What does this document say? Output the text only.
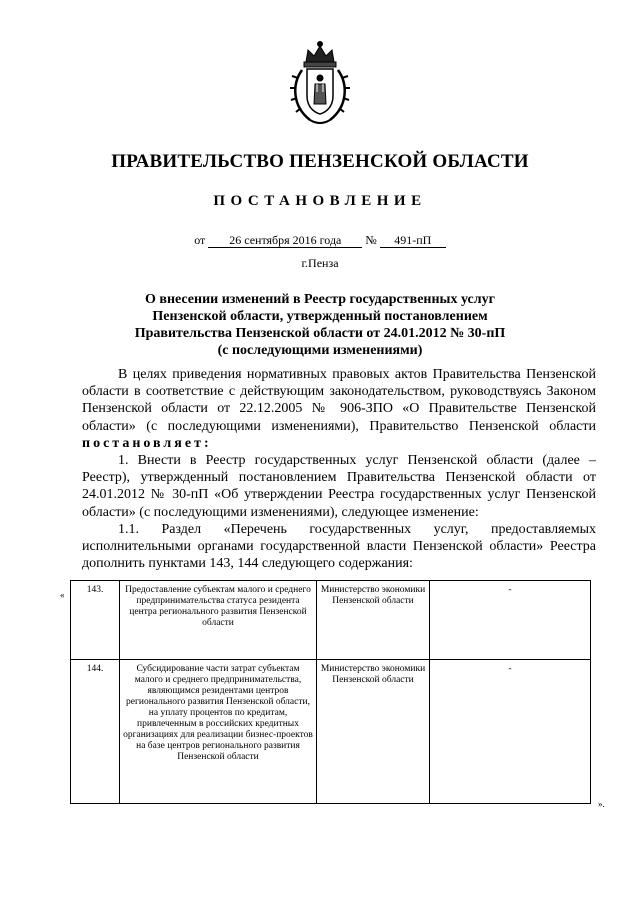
ПРАВИТЕЛЬСТВО ПЕНЗЕНСКОЙ ОБЛАСТИ
ПОСТАНОВЛЕНИЕ
от 26 сентября 2016 года № 491-пП
г.Пенза
О внесении изменений в Реестр государственных услуг
Пензенской области, утвержденный постановлением
Правительства Пензенской области от 24.01.2012 № 30-пП
(с последующими изменениями)

В целях приведения нормативных правовых актов Правительства Пензенской области в соответствие с действующим законодательством, руководствуясь Законом Пензенской области от 22.12.2005 № 906-ЗПО «О Правительстве Пензенской области» (с последующими изменениями), Правительство Пензенской области постановляет:

1. Внести в Реестр государственных услуг Пензенской области (далее – Реестр), утвержденный постановлением Правительства Пензенской области от 24.01.2012 № 30-пП «Об утверждении Реестра государственных услуг Пензенской области» (с последующими изменениями), следующее изменение:

1.1. Раздел «Перечень государственных услуг, предоставляемых исполнительными органами государственной власти Пензенской области» Реестра дополнить пунктами 143, 144 следующего содержания:

« 143.	Предоставление субъектам малого и среднего предпринимательства статуса резидента центра регионального развития Пензенской области	Министерство экономики Пензенской области	-
144.	Субсидирование части затрат субъектам малого и среднего предпринимательства, являющимся резидентами центров регионального развития Пензенской области, на уплату процентов по кредитам, привлеченным в российских кредитных организациях для реализации бизнес-проектов на базе центров регионального развития Пензенской области	Министерство экономики Пензенской области	-
».
